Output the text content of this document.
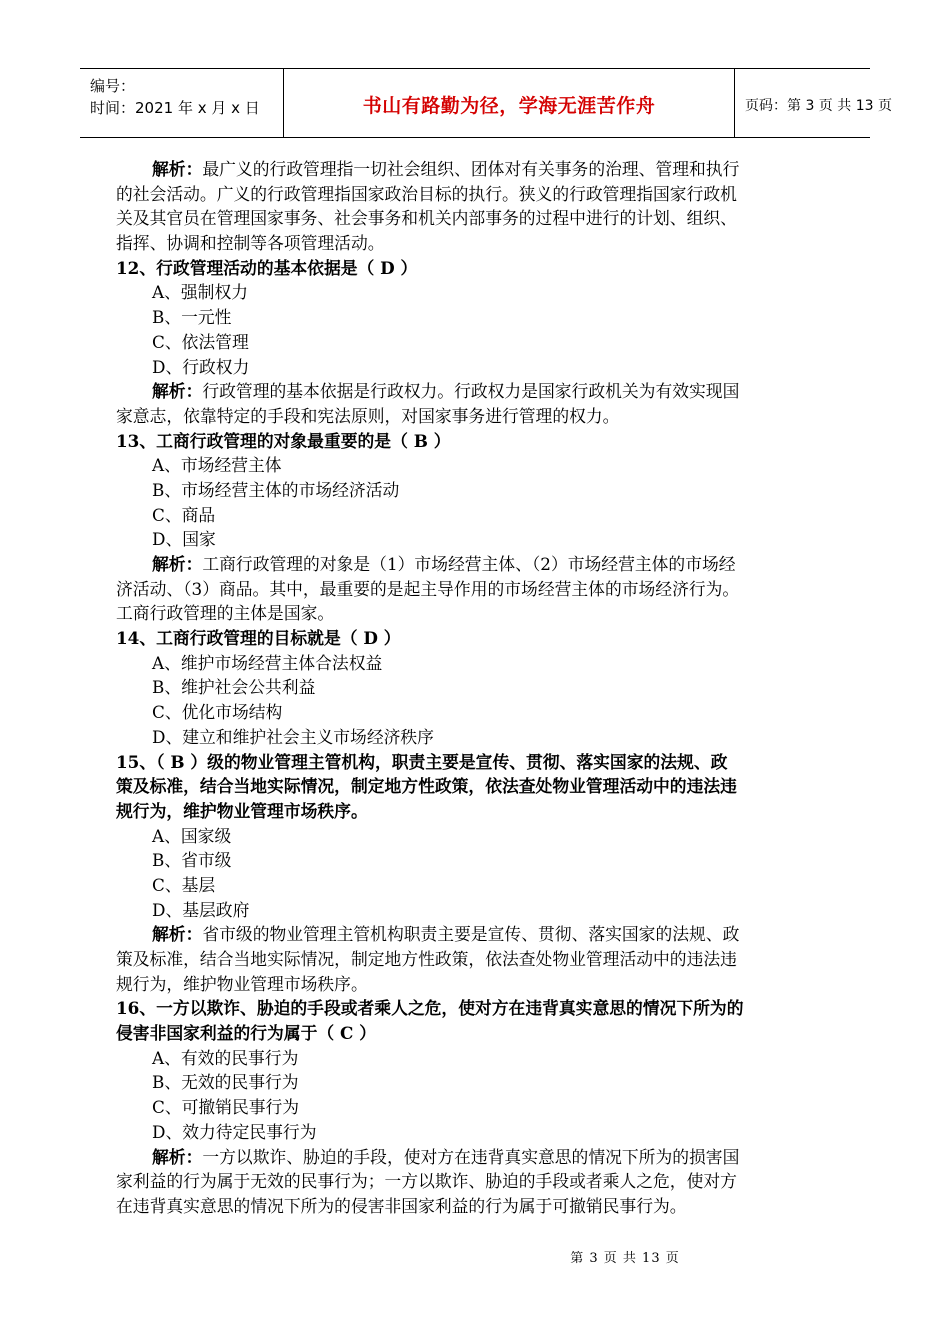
编号：
时间：2021 年 x 月 x 日	书山有路勤为径，学海无涯苦作舟	页码：第 3 页 共 13 页
解析：最广义的行政管理指一切社会组织、团体对有关事务的治理、管理和执行
的社会活动。广义的行政管理指国家政治目标的执行。狭义的行政管理指国家行政机
关及其官员在管理国家事务、社会事务和机关内部事务的过程中进行的计划、组织、
指挥、协调和控制等各项管理活动。
12、行政管理活动的基本依据是（ D ）
A、强制权力
B、一元性
C、依法管理
D、行政权力
解析：行政管理的基本依据是行政权力。行政权力是国家行政机关为有效实现国
家意志，依靠特定的手段和宪法原则，对国家事务进行管理的权力。
13、工商行政管理的对象最重要的是（ B ）
A、市场经营主体
B、市场经营主体的市场经济活动
C、商品
D、国家
解析：工商行政管理的对象是（1）市场经营主体、（2）市场经营主体的市场经
济活动、（3）商品。其中，最重要的是起主导作用的市场经营主体的市场经济行为。
工商行政管理的主体是国家。
14、工商行政管理的目标就是（ D ）
A、维护市场经营主体合法权益
B、维护社会公共利益
C、优化市场结构
D、建立和维护社会主义市场经济秩序
15、（ B ）级的物业管理主管机构，职责主要是宣传、贯彻、落实国家的法规、政
策及标准，结合当地实际情况，制定地方性政策，依法查处物业管理活动中的违法违
规行为，维护物业管理市场秩序。
A、国家级
B、省市级
C、基层
D、基层政府
解析：省市级的物业管理主管机构职责主要是宣传、贯彻、落实国家的法规、政
策及标准，结合当地实际情况，制定地方性政策，依法查处物业管理活动中的违法违
规行为，维护物业管理市场秩序。
16、一方以欺诈、胁迫的手段或者乘人之危，使对方在违背真实意思的情况下所为的
侵害非国家利益的行为属于（ C ）
A、有效的民事行为
B、无效的民事行为
C、可撤销民事行为
D、效力待定民事行为
解析：一方以欺诈、胁迫的手段，使对方在违背真实意思的情况下所为的损害国
家利益的行为属于无效的民事行为；一方以欺诈、胁迫的手段或者乘人之危，使对方
在违背真实意思的情况下所为的侵害非国家利益的行为属于可撤销民事行为。
第 3 页 共 13 页
